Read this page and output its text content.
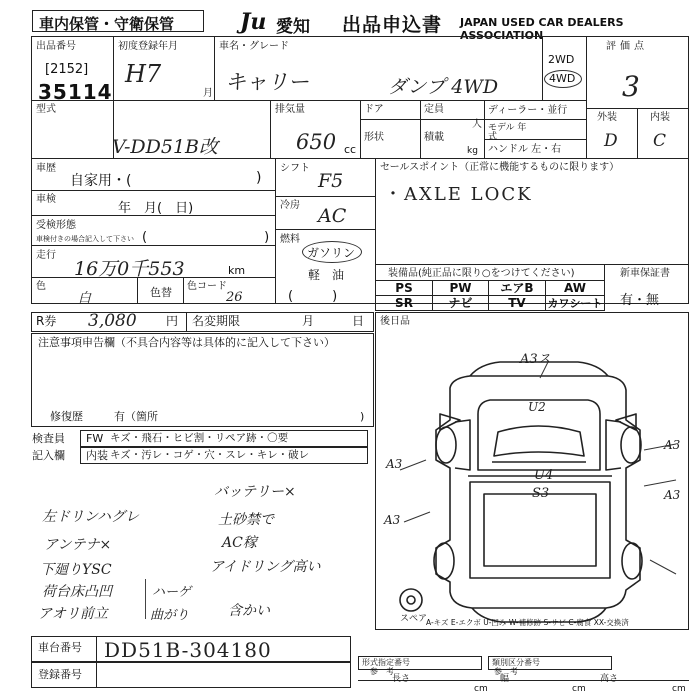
車内保管・守衛保管	Ju 愛知 出品申込書 JAPAN USED CAR DEALERS ASSOCIATION
出品番号
[2152]
35114
初度登録年月
H7
月
車名・グレード
キャリー	ダンプ 4WD
2WD
4WD
評価点
3
外装	内装
D C
型式
V-DD51B改
排気量
650 cc
ドア	定員
人
形状	積載
kg
ディーラー・並行
モデル 年式
ハンドル 左・右
車歴
自家用・(	)
車検
年　月(　日)
受検形態
車検付きの場合記入して下さい (　　　　　　　　　)
走行
16万0千553	km
色
白	色替 色コード
26
シフト
F5
冷房 AC
燃料
ガソリン
軽　油
(　　　)
セールスポイント（正常に機能するものに限ります）
・AXLE LOCK
装備品(純正品に限り○をつけてください)
PS	PW	エアB	AW
SR	ナビ	TV	カワシート
新車保証書
有・無
R券 3,080 円 名変期限	月	日
注意事項申告欄（不具合内容等は具体的に記入して下さい）
修復歴	有（箇所	)
検査員
記入欄
FW キズ・飛石・ヒビ割・リペア跡・〇要
内装 キズ・汚レ・コゲ・穴・スレ・キレ・破レ
左ドリンハグレ
アンテナ×
下廻りYSC
荷台床凸凹
アオリ前立
ハーゲ
曲がり
バッテリー×
土砂禁で
AC稼
アイドリング高い
含かい
後日品
A3ス
U2
A3
A3
U4
S3
A3
A3
スペア
A-キズ E-エクボ U-凹み W-補修跡 S-サビ C-腐食 XX-交換済
車台番号 DD51B-304180
登録番号
形式指定番号
参　考
類別区分番号
参　考
長さ
cm
幅
cm
高さ
cm
